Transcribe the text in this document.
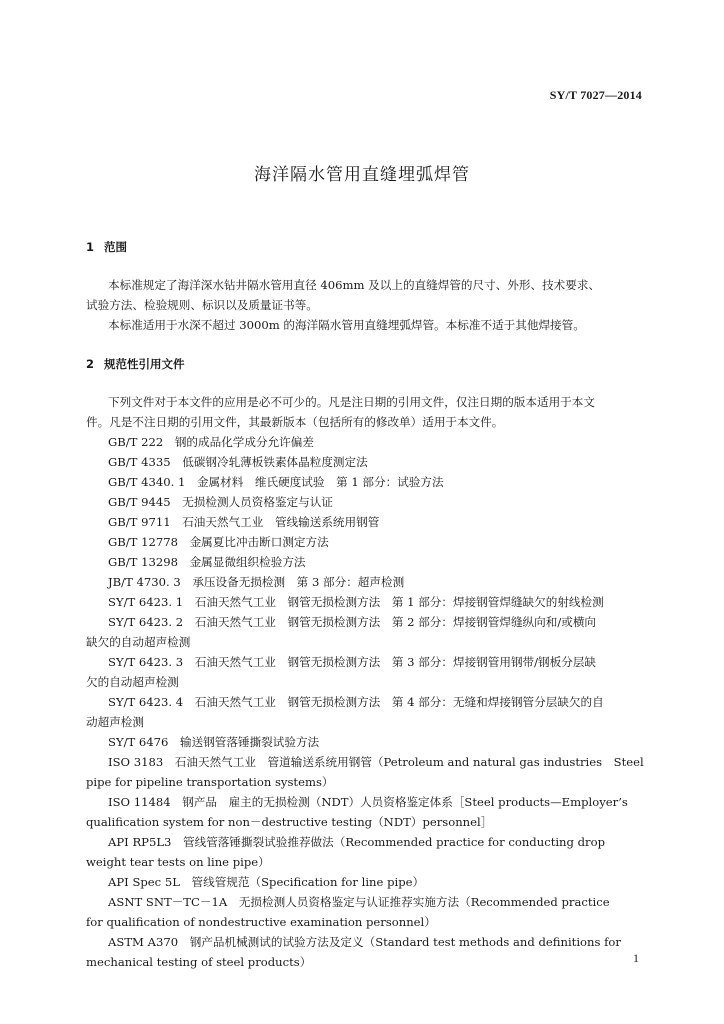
SY/T 7027—2014
海洋隔水管用直缝埋弧焊管
1 范围
本标准规定了海洋深水钻井隔水管用直径 406mm 及以上的直缝焊管的尺寸、外形、技术要求、
试验方法、检验规则、标识以及质量证书等。
本标准适用于水深不超过 3000m 的海洋隔水管用直缝埋弧焊管。本标准不适于其他焊接管。
2 规范性引用文件
下列文件对于本文件的应用是必不可少的。凡是注日期的引用文件，仅注日期的版本适用于本文
件。凡是不注日期的引用文件，其最新版本（包括所有的修改单）适用于本文件。
GB/T 222　钢的成品化学成分允许偏差
GB/T 4335　低碳钢冷轧薄板铁素体晶粒度测定法
GB/T 4340. 1　金属材料　维氏硬度试验　第 1 部分：试验方法
GB/T 9445　无损检测人员资格鉴定与认证
GB/T 9711　石油天然气工业　管线输送系统用钢管
GB/T 12778　金属夏比冲击断口测定方法
GB/T 13298　金属显微组织检验方法
JB/T 4730. 3　承压设备无损检测　第 3 部分：超声检测
SY/T 6423. 1　石油天然气工业　钢管无损检测方法　第 1 部分：焊接钢管焊缝缺欠的射线检测
SY/T 6423. 2　石油天然气工业　钢管无损检测方法　第 2 部分：焊接钢管焊缝纵向和/或横向
缺欠的自动超声检测
SY/T 6423. 3　石油天然气工业　钢管无损检测方法　第 3 部分：焊接钢管用钢带/钢板分层缺
欠的自动超声检测
SY/T 6423. 4　石油天然气工业　钢管无损检测方法　第 4 部分：无缝和焊接钢管分层缺欠的自
动超声检测
SY/T 6476　输送钢管落锤撕裂试验方法
ISO 3183　石油天然气工业　管道输送系统用钢管（Petroleum and natural gas industries　Steel
pipe for pipeline transportation systems）
ISO 11484　钢产品　雇主的无损检测（NDT）人员资格鉴定体系［Steel products—Employer’s
qualification system for non－destructive testing（NDT）personnel］
API RP5L3　管线管落锤撕裂试验推荐做法（Recommended practice for conducting drop
weight tear tests on line pipe）
API Spec 5L　管线管规范（Specification for line pipe）
ASNT SNT－TC－1A　无损检测人员资格鉴定与认证推荐实施方法（Recommended practice
for qualification of nondestructive examination personnel）
ASTM A370　钢产品机械测试的试验方法及定义（Standard test methods and definitions for
mechanical testing of steel products）	1
